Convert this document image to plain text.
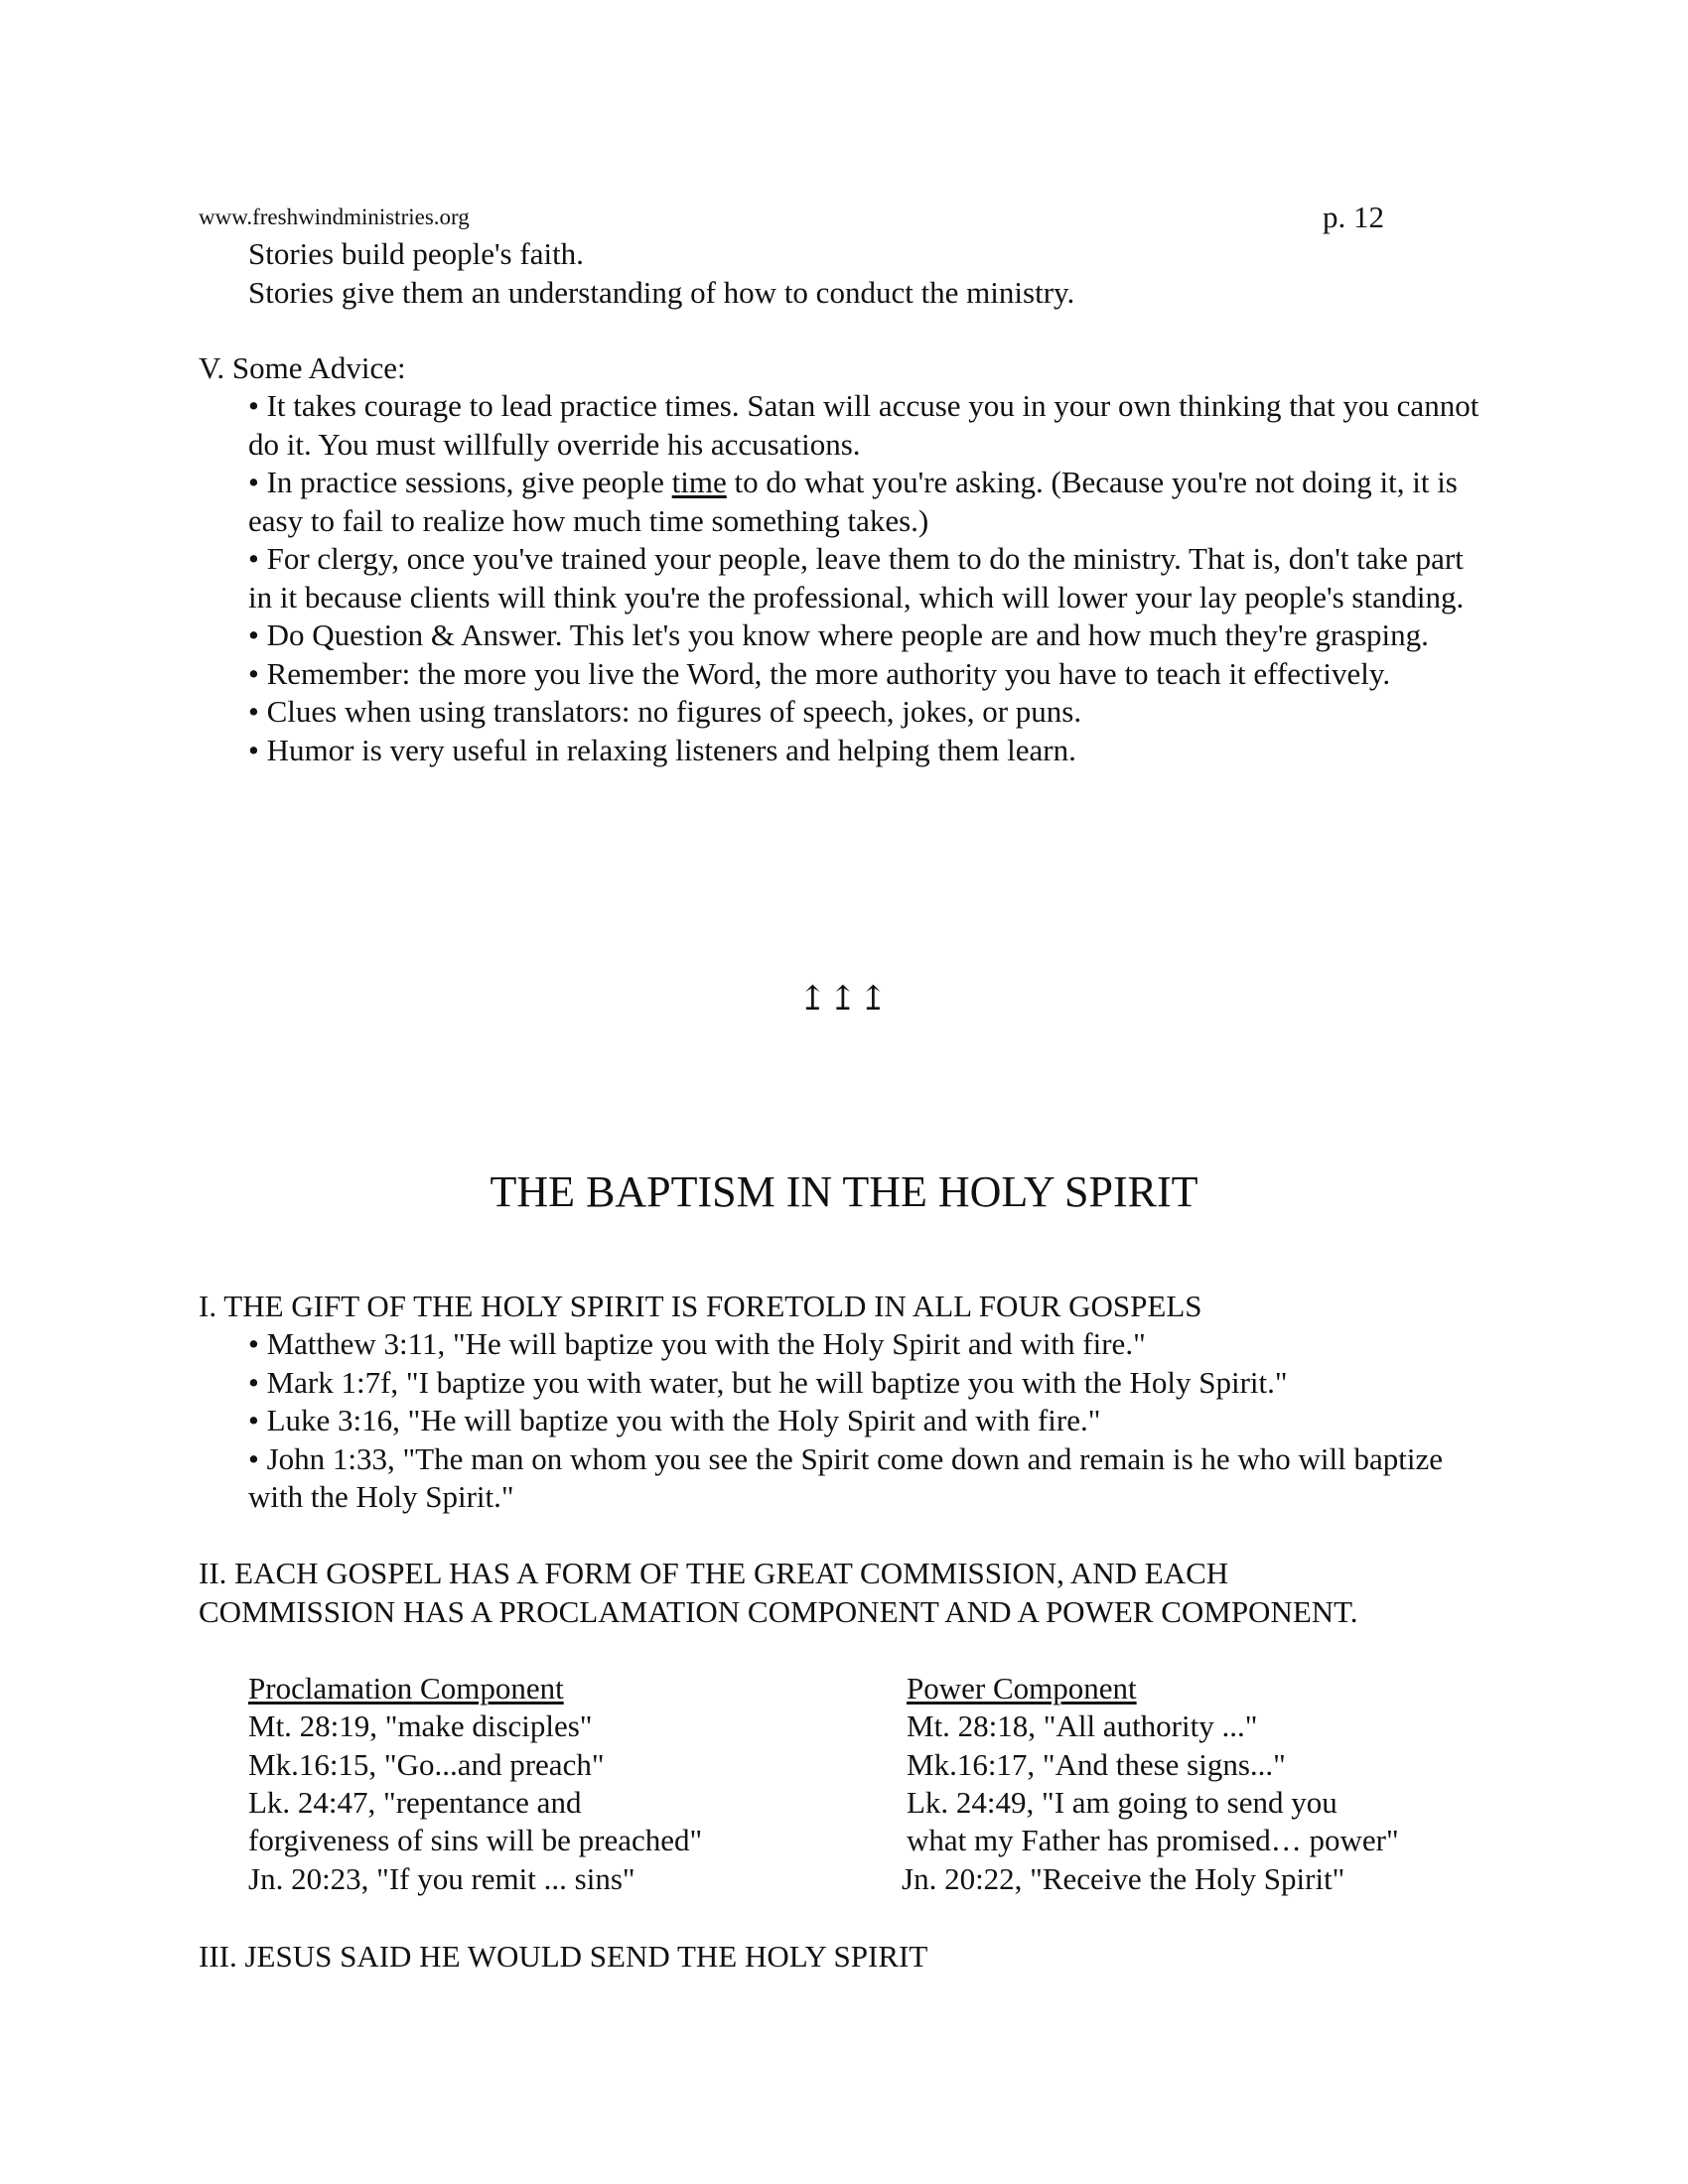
www.freshwindministries.org	p. 12
Stories build people's faith.
Stories give them an understanding of how to conduct the ministry.
V. Some Advice:
• It takes courage to lead practice times. Satan will accuse you in your own thinking that you cannot do it. You must willfully override his accusations.
• In practice sessions, give people time to do what you're asking. (Because you're not doing it, it is easy to fail to realize how much time something takes.)
• For clergy, once you've trained your people, leave them to do the ministry. That is, don't take part in it because clients will think you're the professional, which will lower your lay people's standing.
• Do Question & Answer. This let's you know where people are and how much they're grasping.
• Remember: the more you live the Word, the more authority you have to teach it effectively.
• Clues when using translators: no figures of speech, jokes, or puns.
• Humor is very useful in relaxing listeners and helping them learn.
↥↥↥
THE BAPTISM IN THE HOLY SPIRIT
I. THE GIFT OF THE HOLY SPIRIT IS FORETOLD IN ALL FOUR GOSPELS
• Matthew 3:11, "He will baptize you with the Holy Spirit and with fire."
• Mark 1:7f, "I baptize you with water, but he will baptize you with the Holy Spirit."
• Luke 3:16, "He will baptize you with the Holy Spirit and with fire."
• John 1:33, "The man on whom you see the Spirit come down and remain is he who will baptize with the Holy Spirit."
II. EACH GOSPEL HAS A FORM OF THE GREAT COMMISSION, AND EACH
COMMISSION HAS A PROCLAMATION COMPONENT AND A POWER COMPONENT.
Proclamation Component
Mt. 28:19, "make disciples"
Mk.16:15, "Go...and preach"
Lk. 24:47, "repentance and
forgiveness of sins will be preached"
Jn. 20:23, "If you remit ... sins"
Power Component
Mt. 28:18, "All authority ..."
Mk.16:17, "And these signs..."
Lk. 24:49, "I am going to send you
what my Father has promised… power"
Jn. 20:22, "Receive the Holy Spirit"
III. JESUS SAID HE WOULD SEND THE HOLY SPIRIT
